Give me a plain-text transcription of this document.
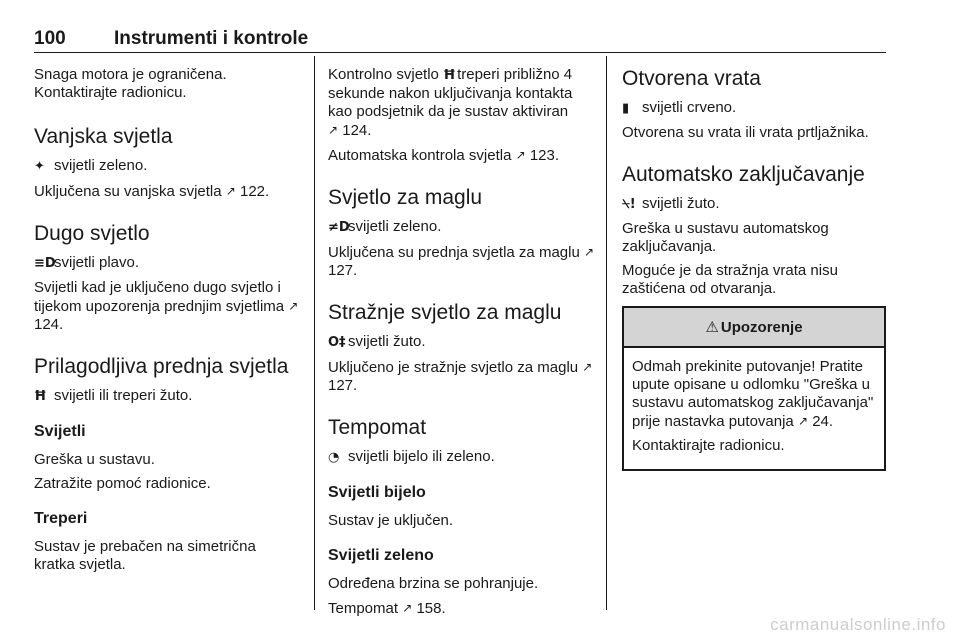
100	Instrumenti i kontrole

Snaga motora je ograničena.
Kontaktirajte radionicu.

Vanjska svjetla

✦ svijetli zeleno.

Uključena su vanjska svjetla ↗ 122.

Dugo svjetlo

≡Dsvijetli plavo.

Svijetli kad je uključeno dugo svjetlo i tijekom upozorenja prednjim svjetlima ↗ 124.

Prilagodljiva prednja svjetla

Ħ svijetli ili treperi žuto.

Svijetli

Greška u sustavu.

Zatražite pomoć radionice.

Treperi

Sustav je prebačen na simetrična kratka svjetla.

Kontrolno svjetlo Ħtreperi približno 4 sekunde nakon uključivanja kontakta kao podsjetnik da je sustav aktiviran
↗ 124.

Automatska kontrola svjetla ↗ 123.

Svjetlo za maglu

≠Dsvijetli zeleno.

Uključena su prednja svjetla za maglu ↗ 127.

Stražnje svjetlo za maglu

O‡ svijetli žuto.

Uključeno je stražnje svjetlo za maglu ↗ 127.

Tempomat

◔ svijetli bijelo ili zeleno.

Svijetli bijelo

Sustav je uključen.

Svijetli zeleno

Određena brzina se pohranjuje.

Tempomat ↗ 158.

Otvorena vrata

▮ svijetli crveno.

Otvorena su vrata ili vrata prtljažnika.

Automatsko zaključavanje

⍀! svijetli žuto.

Greška u sustavu automatskog zaključavanja.

Moguće je da stražnja vrata nisu zaštićena od otvaranja.

⚠ Upozorenje

Odmah prekinite putovanje! Pratite upute opisane u odlomku "Greška u sustavu automatskog zaključavanja" prije nastavka putovanja ↗ 24.

Kontaktirajte radionicu.

carmanualsonline.info
